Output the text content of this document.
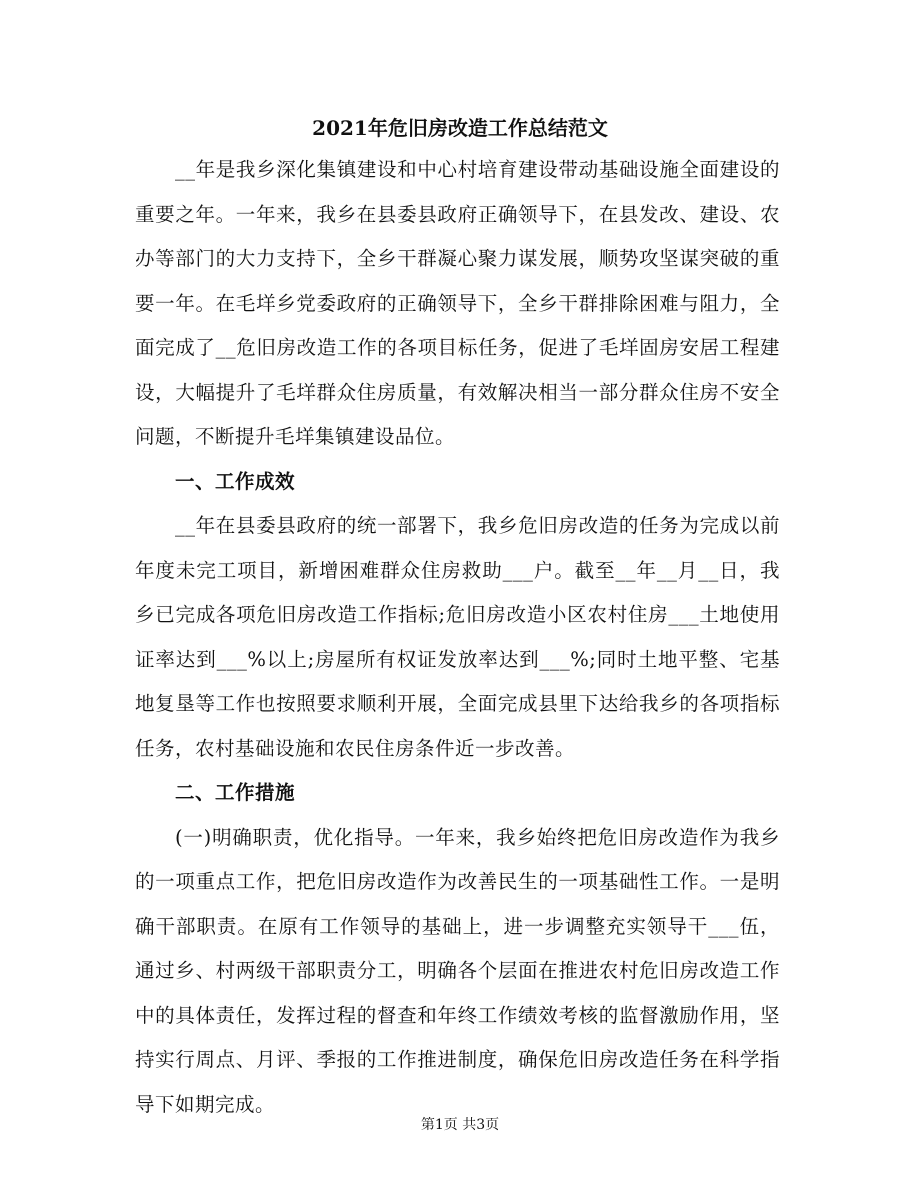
2021年危旧房改造工作总结范文

__年是我乡深化集镇建设和中心村培育建设带动基础设施全面建设的重要之年。一年来，我乡在县委县政府正确领导下，在县发改、建设、农办等部门的大力支持下，全乡干群凝心聚力谋发展，顺势攻坚谋突破的重要一年。在毛垟乡党委政府的正确领导下，全乡干群排除困难与阻力，全面完成了__危旧房改造工作的各项目标任务，促进了毛垟固房安居工程建设，大幅提升了毛垟群众住房质量，有效解决相当一部分群众住房不安全问题，不断提升毛垟集镇建设品位。

一、工作成效

__年在县委县政府的统一部署下，我乡危旧房改造的任务为完成以前年度未完工项目，新增困难群众住房救助___户。截至__年__月__日，我乡已完成各项危旧房改造工作指标;危旧房改造小区农村住房___土地使用证率达到___%以上;房屋所有权证发放率达到___%;同时土地平整、宅基地复垦等工作也按照要求顺利开展，全面完成县里下达给我乡的各项指标任务，农村基础设施和农民住房条件近一步改善。

二、工作措施

(一)明确职责，优化指导。一年来，我乡始终把危旧房改造作为我乡的一项重点工作，把危旧房改造作为改善民生的一项基础性工作。一是明确干部职责。在原有工作领导的基础上，进一步调整充实领导干___伍，通过乡、村两级干部职责分工，明确各个层面在推进农村危旧房改造工作中的具体责任，发挥过程的督查和年终工作绩效考核的监督激励作用，坚持实行周点、月评、季报的工作推进制度，确保危旧房改造任务在科学指导下如期完成。

第1页 共3页
